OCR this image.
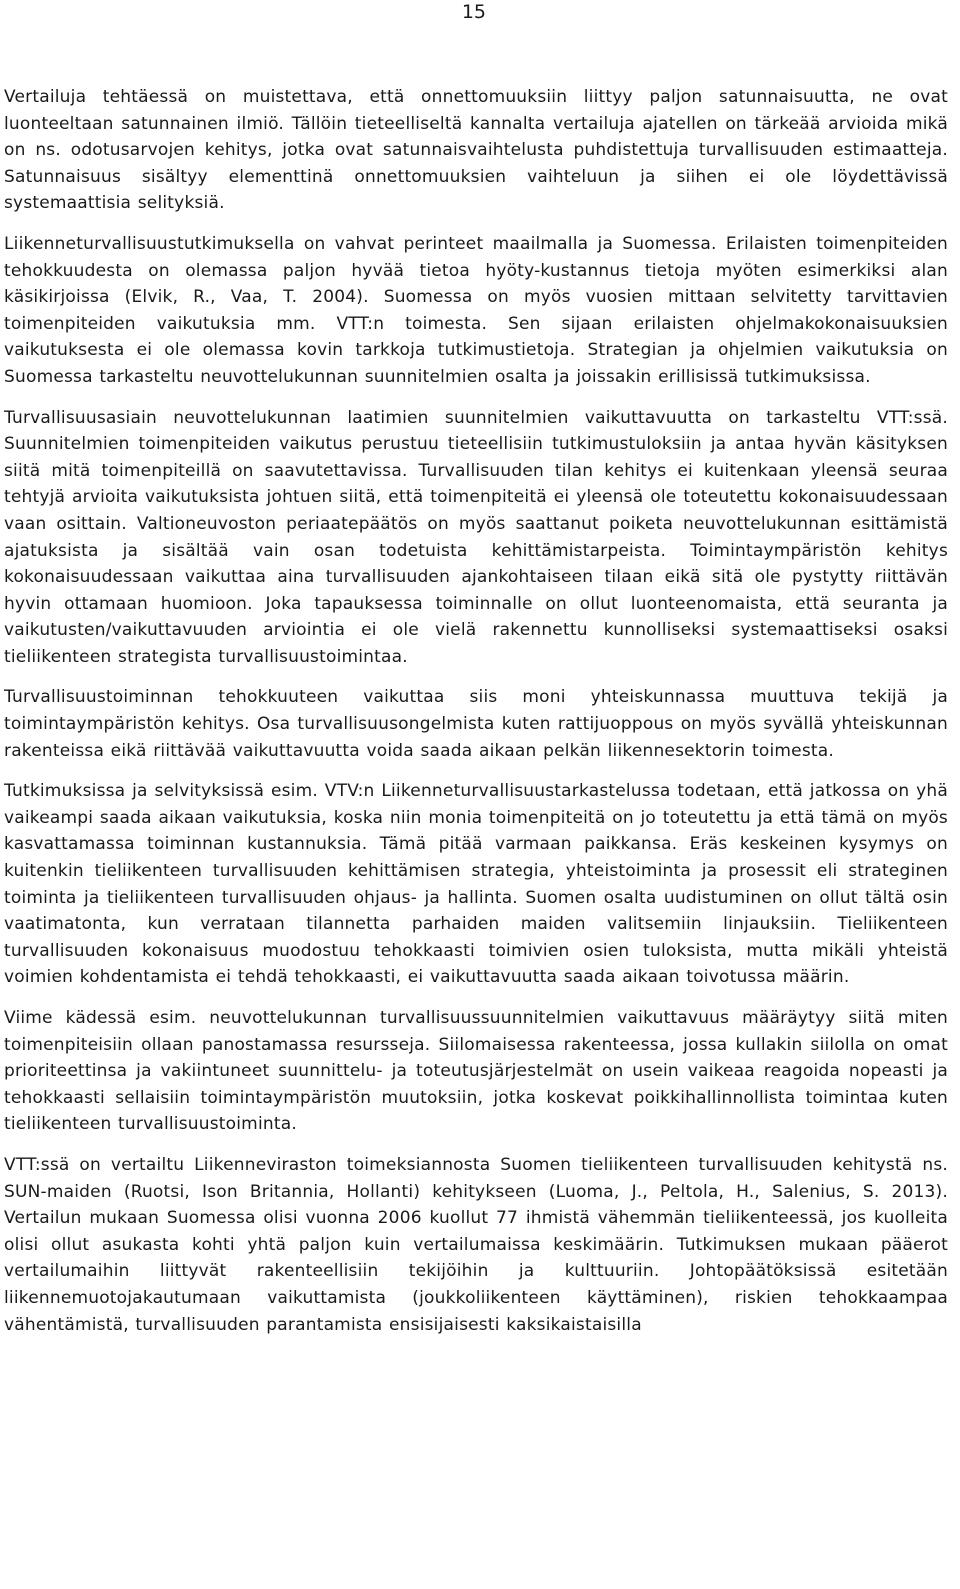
15

Vertailuja tehtäessä on muistettava, että onnettomuuksiin liittyy paljon satunnaisuutta, ne ovat luonteeltaan satunnainen ilmiö. Tällöin tieteelliseltä kannalta vertailuja ajatellen on tärkeää arvioida mikä on ns. odotusarvojen kehitys, jotka ovat satunnaisvaihtelusta puhdistettuja turvallisuuden estimaatteja. Satunnaisuus sisältyy elementtinä onnettomuuksien vaihteluun ja siihen ei ole löydettävissä systemaattisia selityksiä.

Liikenneturvallisuustutkimuksella on vahvat perinteet maailmalla ja Suomessa. Erilaisten toimenpiteiden tehokkuudesta on olemassa paljon hyvää tietoa hyöty-kustannus tietoja myöten esimerkiksi alan käsikirjoissa (Elvik, R., Vaa, T. 2004). Suomessa on myös vuosien mittaan selvitetty tarvittavien toimenpiteiden vaikutuksia mm. VTT:n toimesta. Sen sijaan erilaisten ohjelmakokonaisuuksien vaikutuksesta ei ole olemassa kovin tarkkoja tutkimustietoja. Strategian ja ohjelmien vaikutuksia on Suomessa tarkasteltu neuvottelukunnan suunnitelmien osalta ja joissakin erillisissä tutkimuksissa.

Turvallisuusasiain neuvottelukunnan laatimien suunnitelmien vaikuttavuutta on tarkasteltu VTT:ssä. Suunnitelmien toimenpiteiden vaikutus perustuu tieteellisiin tutkimustuloksiin ja antaa hyvän käsityksen siitä mitä toimenpiteillä on saavutettavissa. Turvallisuuden tilan kehitys ei kuitenkaan yleensä seuraa tehtyjä arvioita vaikutuksista johtuen siitä, että toimenpiteitä ei yleensä ole toteutettu kokonaisuudessaan vaan osittain. Valtioneuvoston periaatepäätös on myös saattanut poiketa neuvottelukunnan esittämistä ajatuksista ja sisältää vain osan todetuista kehittämistarpeista. Toimintaympäristön kehitys kokonaisuudessaan vaikuttaa aina turvallisuuden ajankohtaiseen tilaan eikä sitä ole pystytty riittävän hyvin ottamaan huomioon. Joka tapauksessa toiminnalle on ollut luonteenomaista, että seuranta ja vaikutusten/vaikuttavuuden arviointia ei ole vielä rakennettu kunnolliseksi systemaattiseksi osaksi tieliikenteen strategista turvallisuustoimintaa.

Turvallisuustoiminnan tehokkuuteen vaikuttaa siis moni yhteiskunnassa muuttuva tekijä ja toimintaympäristön kehitys. Osa turvallisuusongelmista kuten rattijuoppous on myös syvällä yhteiskunnan rakenteissa eikä riittävää vaikuttavuutta voida saada aikaan pelkän liikennesektorin toimesta.

Tutkimuksissa ja selvityksissä esim. VTV:n Liikenneturvallisuustarkastelussa todetaan, että jatkossa on yhä vaikeampi saada aikaan vaikutuksia, koska niin monia toimenpiteitä on jo toteutettu ja että tämä on myös kasvattamassa toiminnan kustannuksia. Tämä pitää varmaan paikkansa. Eräs keskeinen kysymys on kuitenkin tieliikenteen turvallisuuden kehittämisen strategia, yhteistoiminta ja prosessit eli strateginen toiminta ja tieliikenteen turvallisuuden ohjaus- ja hallinta. Suomen osalta uudistuminen on ollut tältä osin vaatimatonta, kun verrataan tilannetta parhaiden maiden valitsemiin linjauksiin. Tieliikenteen turvallisuuden kokonaisuus muodostuu tehokkaasti toimivien osien tuloksista, mutta mikäli yhteistä voimien kohdentamista ei tehdä tehokkaasti, ei vaikuttavuutta saada aikaan toivotussa määrin.

Viime kädessä esim. neuvottelukunnan turvallisuussuunnitelmien vaikuttavuus määräytyy siitä miten toimenpiteisiin ollaan panostamassa resursseja. Siilomaisessa rakenteessa, jossa kullakin siilolla on omat prioriteettinsa ja vakiintuneet suunnittelu- ja toteutusjärjestelmät on usein vaikeaa reagoida nopeasti ja tehokkaasti sellaisiin toimintaympäristön muutoksiin, jotka koskevat poikkihallinnollista toimintaa kuten tieliikenteen turvallisuustoiminta.

VTT:ssä on vertailtu Liikenneviraston toimeksiannosta Suomen tieliikenteen turvallisuuden kehitystä ns. SUN-maiden (Ruotsi, Ison Britannia, Hollanti) kehitykseen (Luoma, J., Peltola, H., Salenius, S. 2013). Vertailun mukaan Suomessa olisi vuonna 2006 kuollut 77 ihmistä vähemmän tieliikenteessä, jos kuolleita olisi ollut asukasta kohti yhtä paljon kuin vertailumaissa keskimäärin. Tutkimuksen mukaan pääerot vertailumaihin liittyvät rakenteellisiin tekijöihin ja kulttuuriin. Johtopäätöksissä esitetään liikennemuotojakautumaan vaikuttamista (joukkoliikenteen käyttäminen), riskien tehokkaampaa vähentämistä, turvallisuuden parantamista ensisijaisesti kaksikaistaisilla
